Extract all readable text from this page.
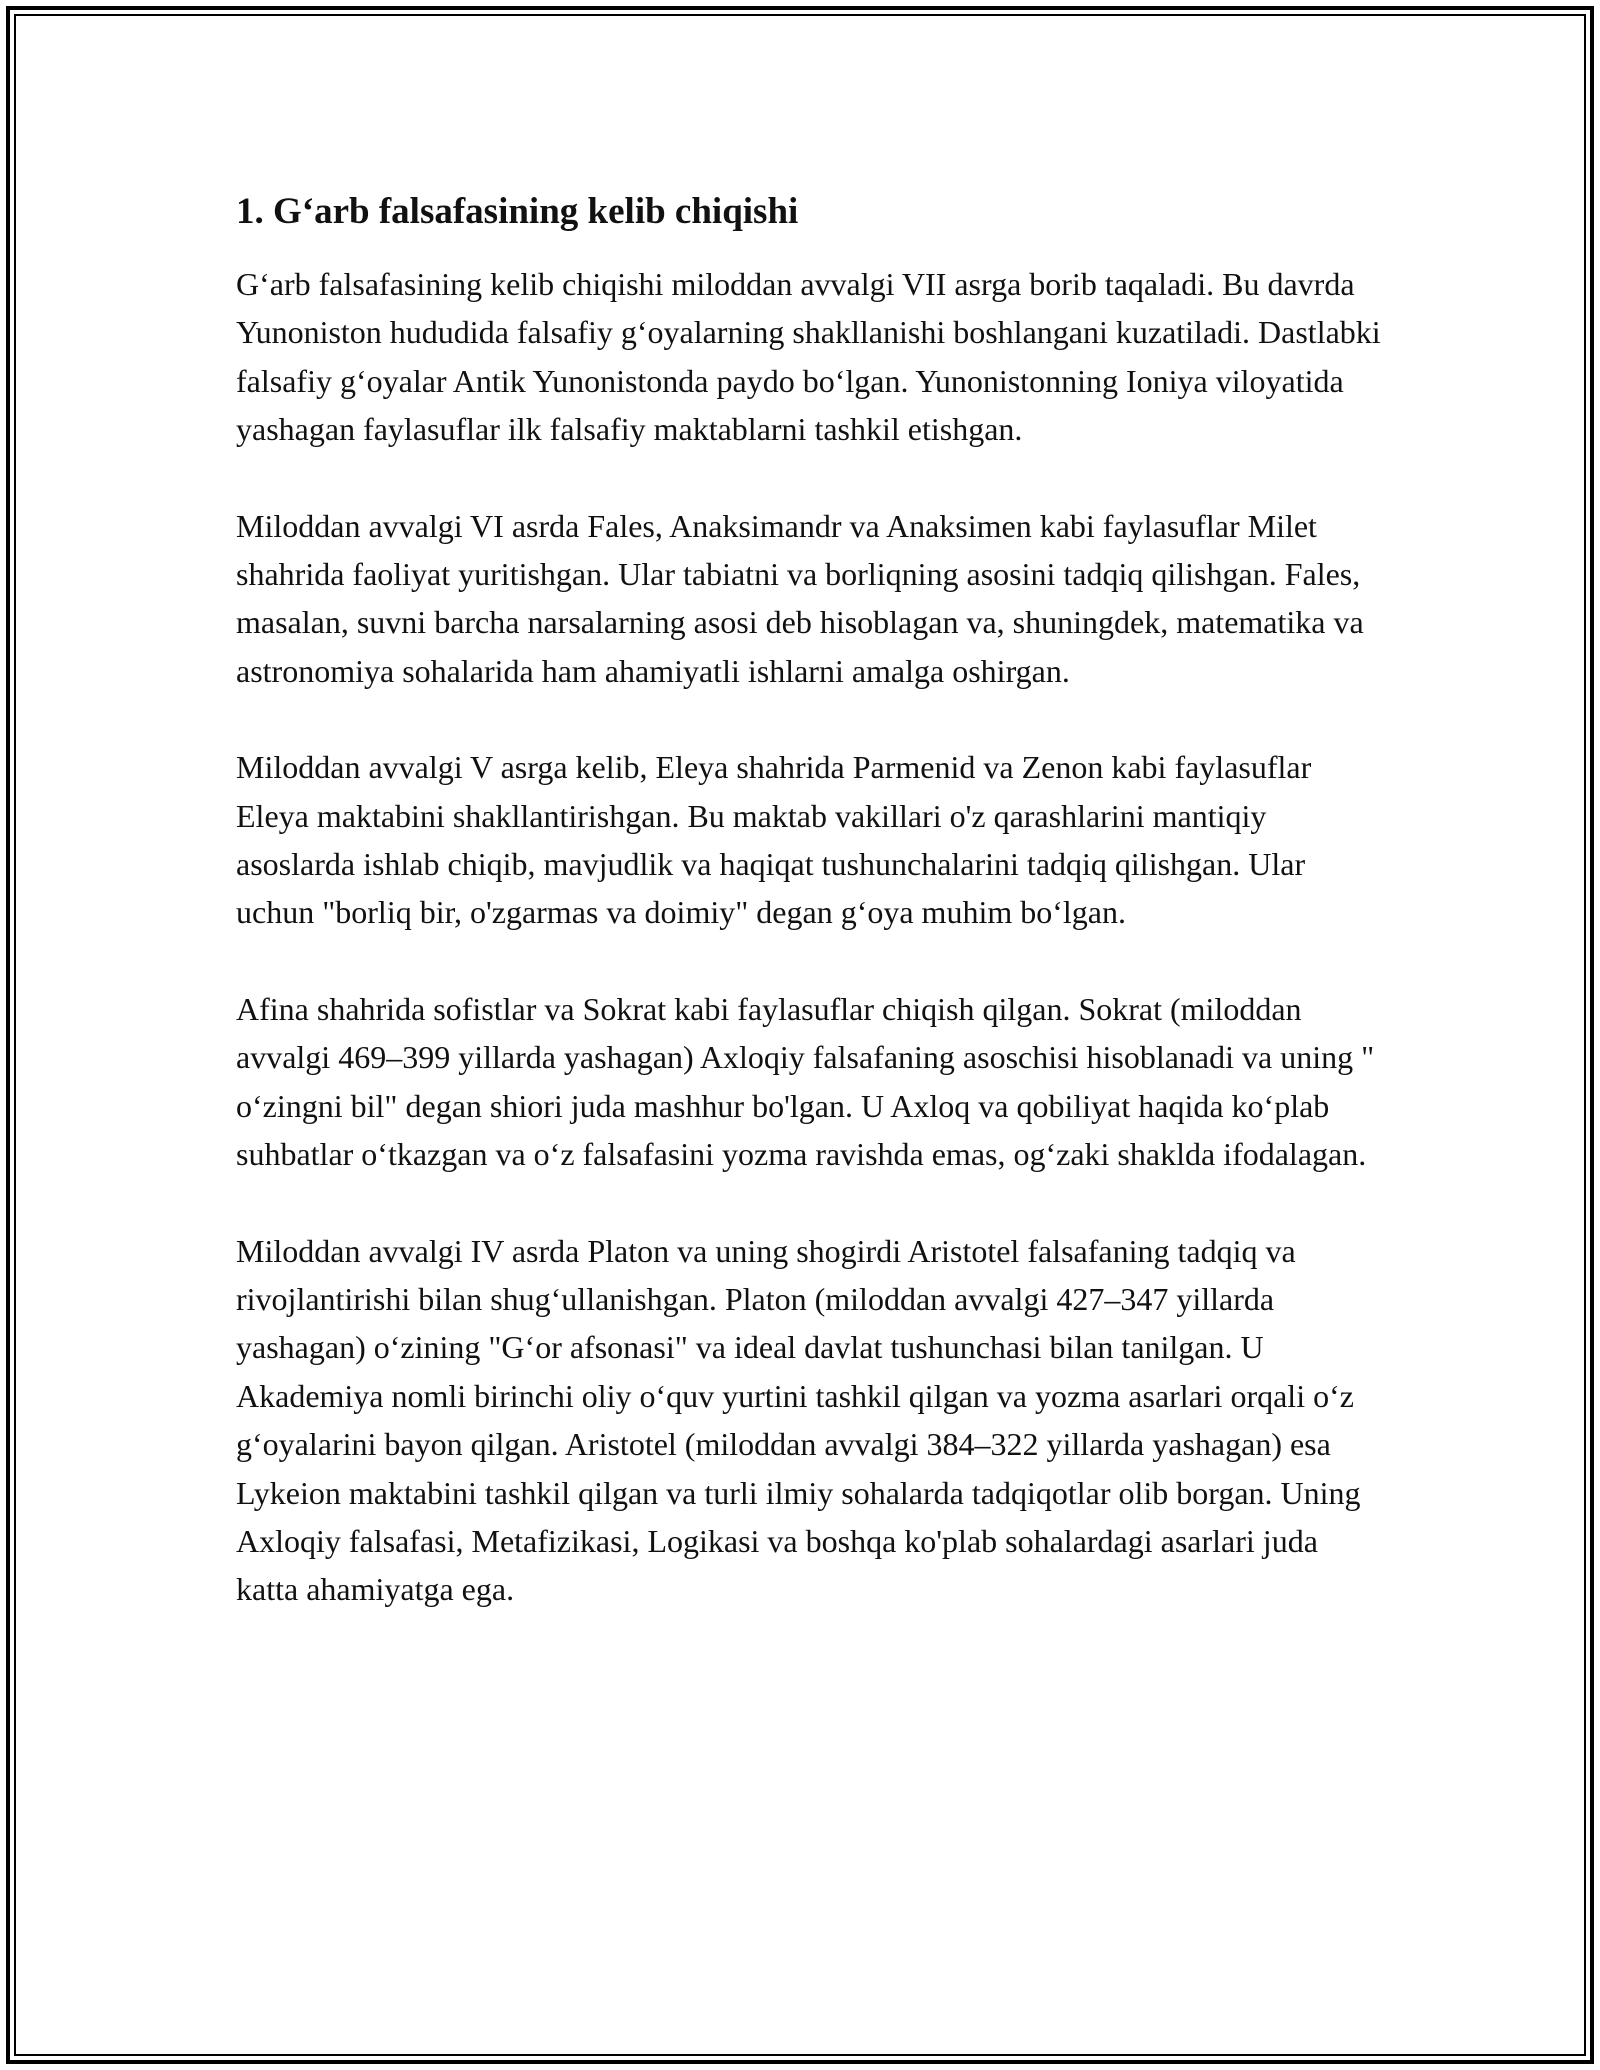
1. G‘arb falsafasining kelib chiqishi

G‘arb falsafasining kelib chiqishi miloddan avvalgi VII asrga borib taqaladi. Bu davrda Yunoniston hududida falsafiy g‘oyalarning shakllanishi boshlangani kuzatiladi. Dastlabki falsafiy g‘oyalar Antik Yunonistonda paydo bo‘lgan. Yunonistonning Ioniya viloyatida yashagan faylasuflar ilk falsafiy maktablarni tashkil etishgan.

Miloddan avvalgi VI asrda Fales, Anaksimandr va Anaksimen kabi faylasuflar Milet shahrida faoliyat yuritishgan. Ular tabiatni va borliqning asosini tadqiq qilishgan. Fales, masalan, suvni barcha narsalarning asosi deb hisoblagan va, shuningdek, matematika va astronomiya sohalarida ham ahamiyatli ishlarni amalga oshirgan.

Miloddan avvalgi V asrga kelib, Eleya shahrida Parmenid va Zenon kabi faylasuflar Eleya maktabini shakllantirishgan. Bu maktab vakillari o'z qarashlarini mantiqiy asoslarda ishlab chiqib, mavjudlik va haqiqat tushunchalarini tadqiq qilishgan. Ular uchun "borliq bir, o'zgarmas va doimiy" degan g‘oya muhim bo‘lgan.

Afina shahrida sofistlar va Sokrat kabi faylasuflar chiqish qilgan. Sokrat (miloddan avvalgi 469–399 yillarda yashagan) Axloqiy falsafaning asoschisi hisoblanadi va uning " o‘zingni bil" degan shiori juda mashhur bo'lgan. U Axloq va qobiliyat haqida ko‘plab suhbatlar o‘tkazgan va o‘z falsafasini yozma ravishda emas, og‘zaki shakldа ifodalagan.

Miloddan avvalgi IV asrda Platon va uning shogirdi Aristotel falsafaning tadqiq va rivojlantirishi bilan shug‘ullanishgan. Platon (miloddan avvalgi 427–347 yillarda yashagan) o‘zining "G‘or afsonasi" va ideal davlat tushunchasi bilan tanilgan. U Akademiya nomli birinchi oliy o‘quv yurtini tashkil qilgan va yozma asarlari orqali o‘z g‘oyalarini bayon qilgan. Aristotel (miloddan avvalgi 384–322 yillarda yashagan) esa Lykeion maktabini tashkil qilgan va turli ilmiy sohalarda tadqiqotlar olib borgan. Uning Axloqiy falsafasi, Metafizikasi, Logikasi va boshqa ko'plab sohalardagi asarlari juda katta ahamiyatga ega.
